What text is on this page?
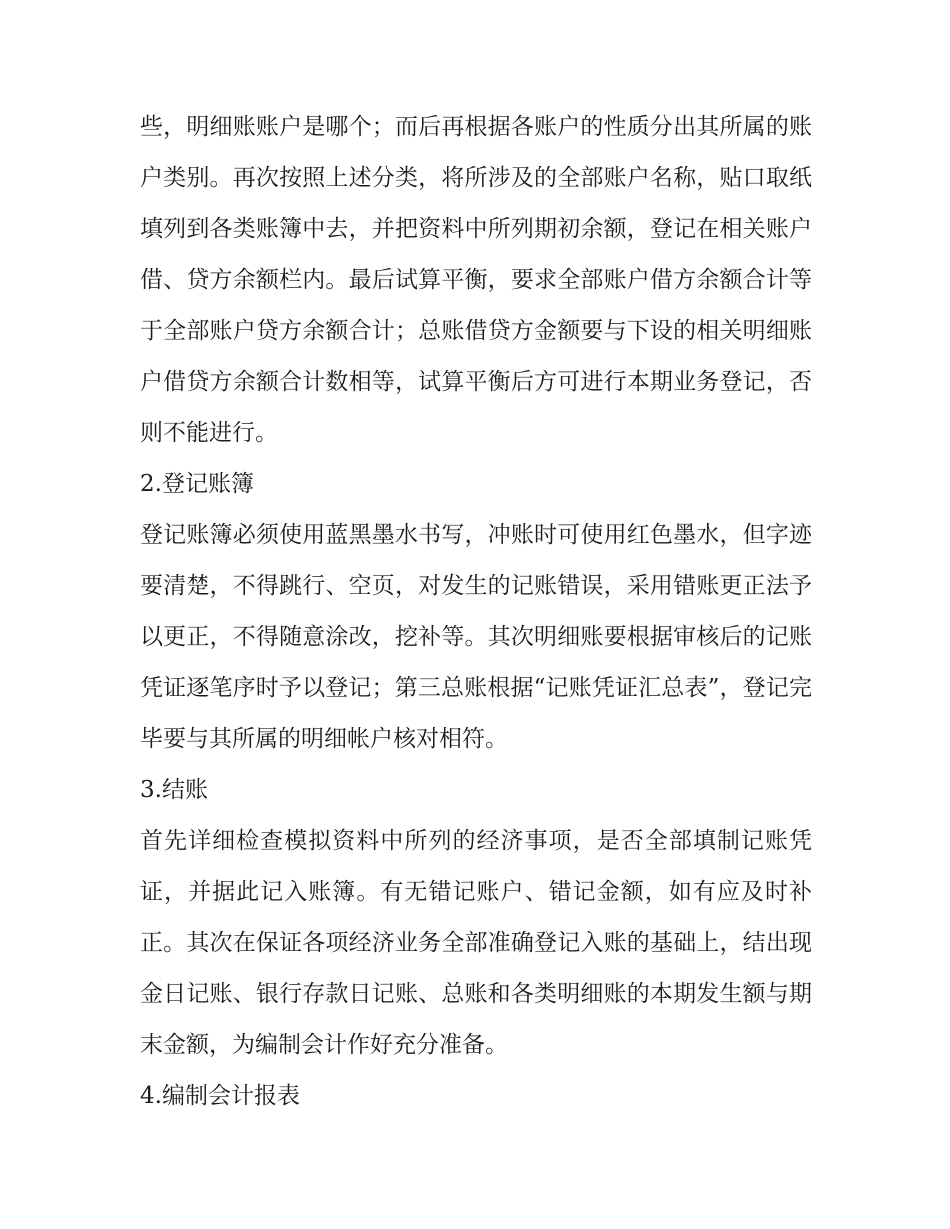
些，明细账账户是哪个；而后再根据各账户的性质分出其所属的账户类别。再次按照上述分类，将所涉及的全部账户名称，贴口取纸填列到各类账簿中去，并把资料中所列期初余额，登记在相关账户借、贷方余额栏内。最后试算平衡，要求全部账户借方余额合计等于全部账户贷方余额合计；总账借贷方金额要与下设的相关明细账户借贷方余额合计数相等，试算平衡后方可进行本期业务登记，否则不能进行。

2.登记账簿

登记账簿必须使用蓝黑墨水书写，冲账时可使用红色墨水，但字迹要清楚，不得跳行、空页，对发生的记账错误，采用错账更正法予以更正，不得随意涂改，挖补等。其次明细账要根据审核后的记账凭证逐笔序时予以登记；第三总账根据“记账凭证汇总表”，登记完毕要与其所属的明细帐户核对相符。

3.结账

首先详细检查模拟资料中所列的经济事项，是否全部填制记账凭证，并据此记入账簿。有无错记账户、错记金额，如有应及时补正。其次在保证各项经济业务全部准确登记入账的基础上，结出现金日记账、银行存款日记账、总账和各类明细账的本期发生额与期末金额，为编制会计作好充分准备。

4.编制会计报表
